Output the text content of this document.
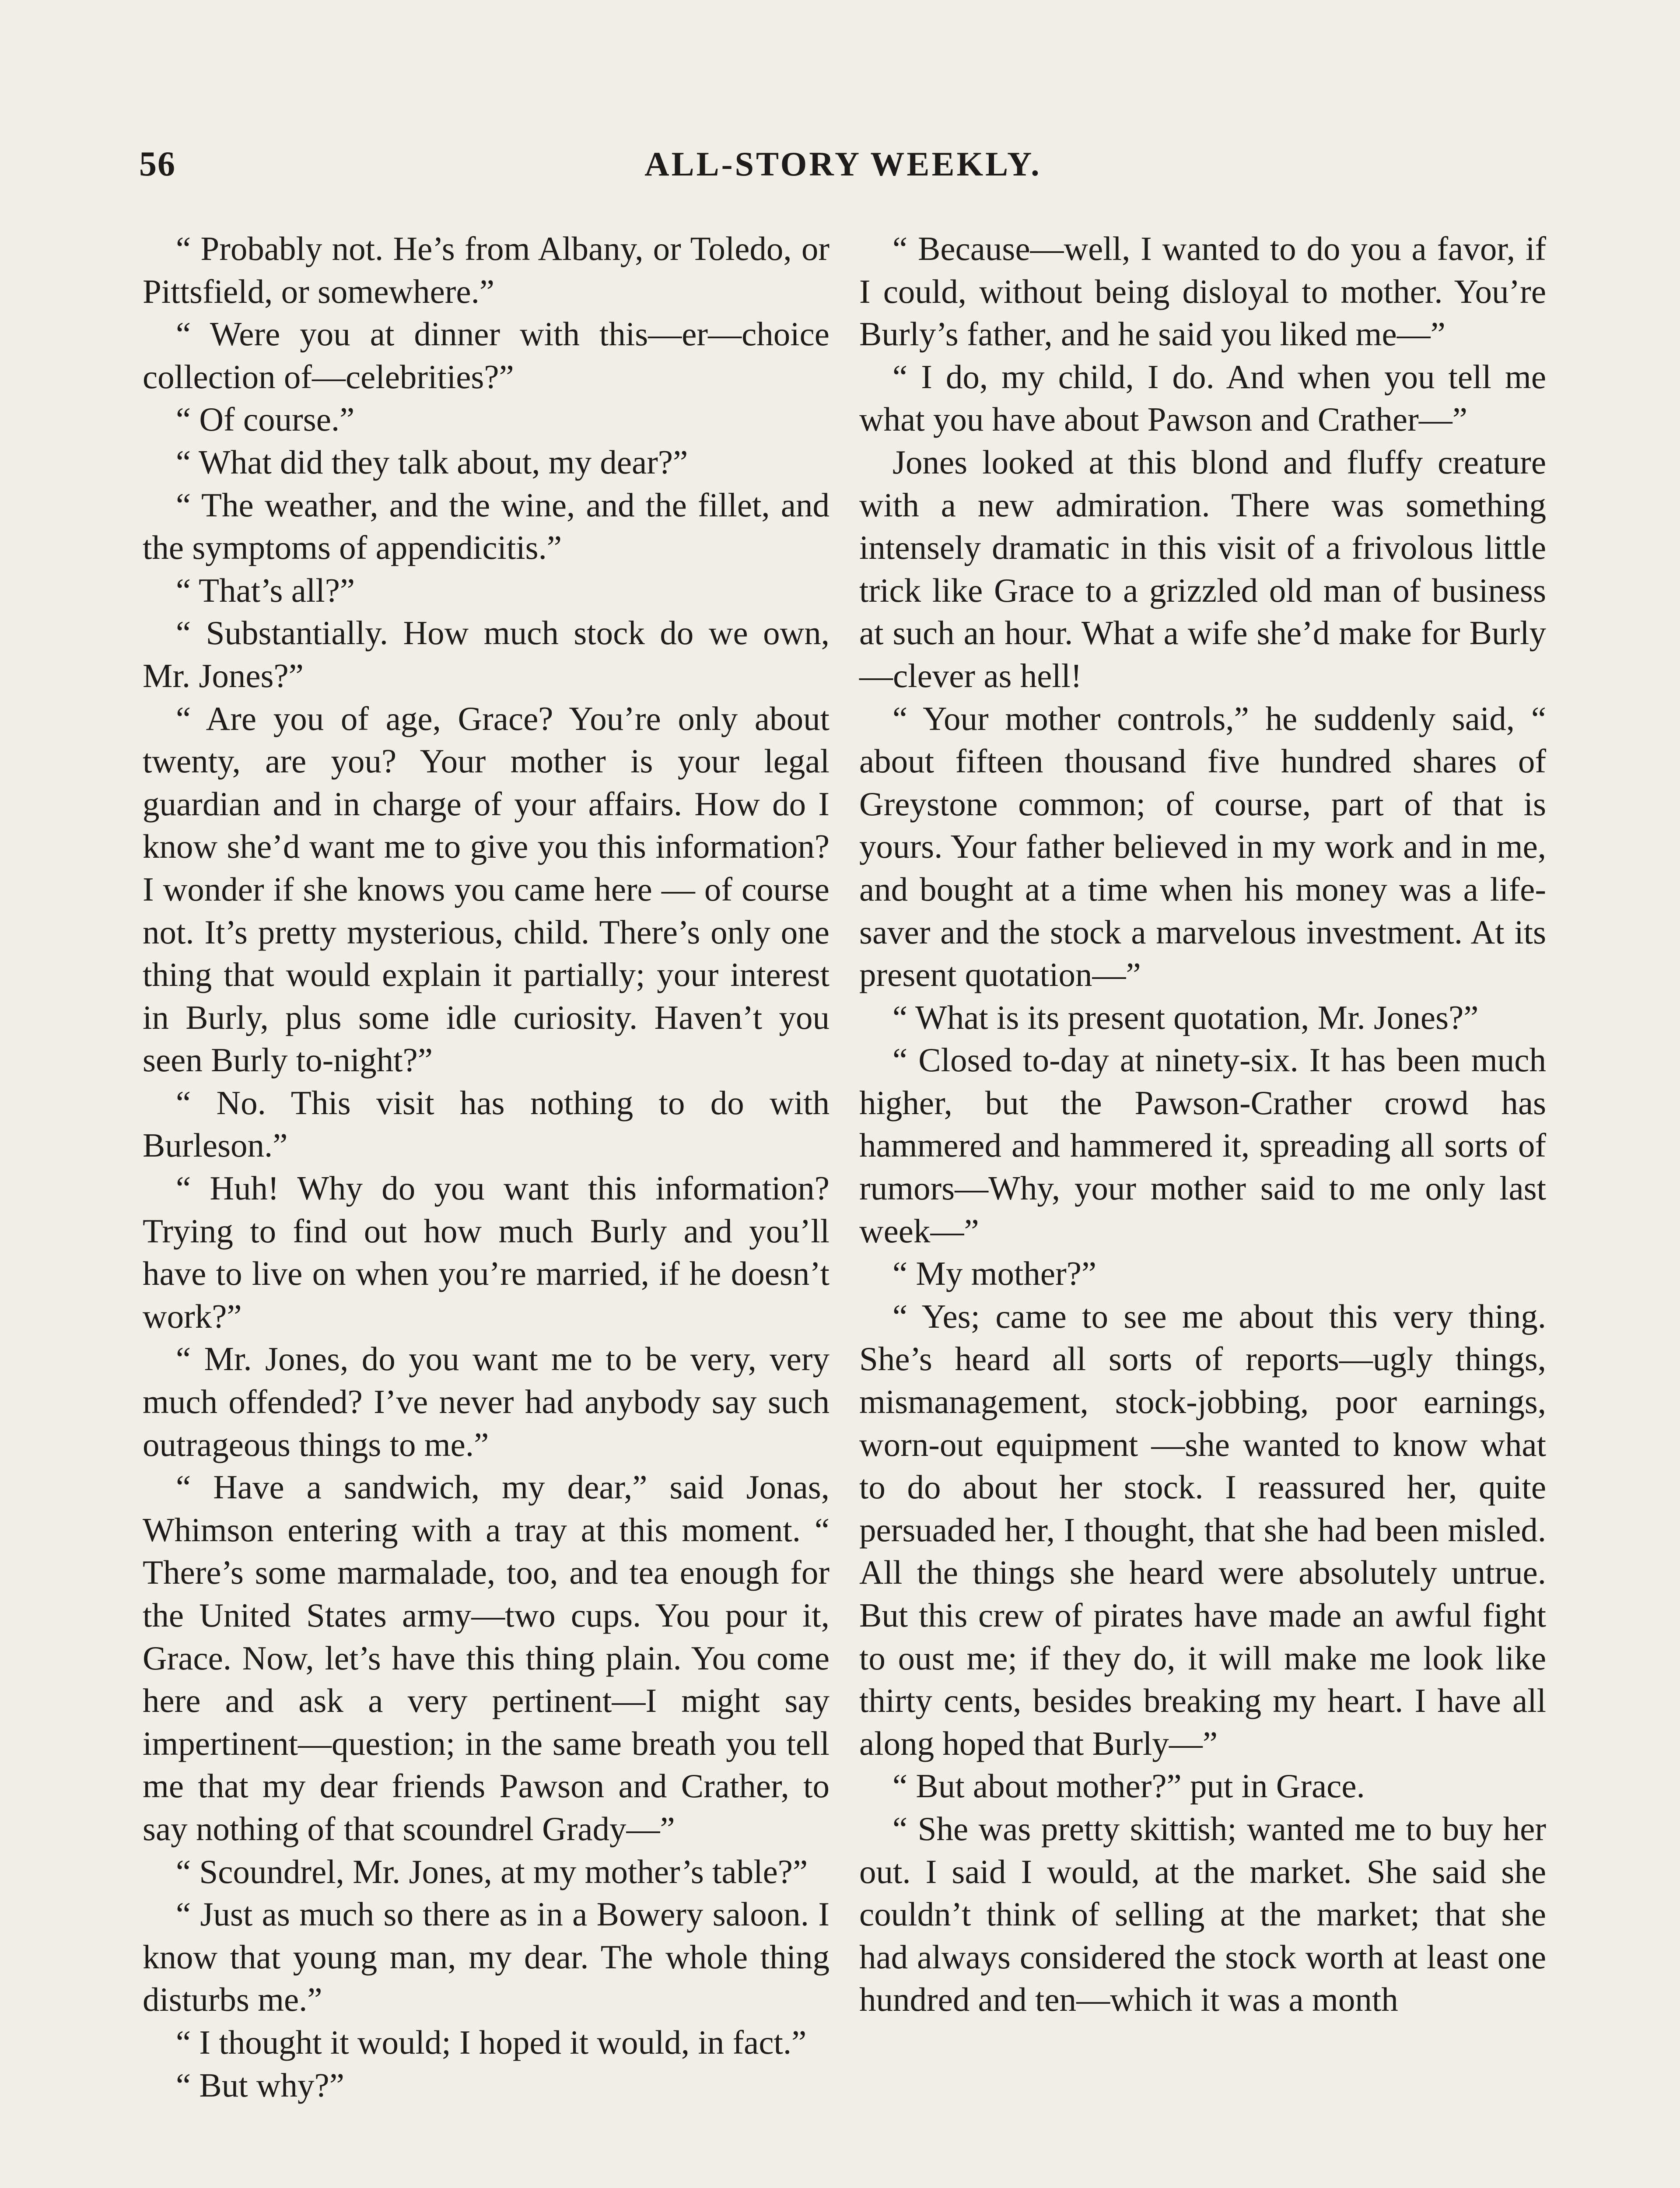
56	ALL-STORY WEEKLY.

“ Probably not. He’s from Albany, or Toledo, or Pittsfield, or somewhere.”

“ Were you at dinner with this—er—choice collection of—celebrities?”

“ Of course.”

“ What did they talk about, my dear?”

“ The weather, and the wine, and the fillet, and the symptoms of appendicitis.”

“ That’s all?”

“ Substantially. How much stock do we own, Mr. Jones?”

“ Are you of age, Grace? You’re only about twenty, are you? Your mother is your legal guardian and in charge of your affairs. How do I know she’d want me to give you this information? I wonder if she knows you came here — of course not. It’s pretty mysterious, child. There’s only one thing that would explain it partially; your interest in Burly, plus some idle curiosity. Haven’t you seen Burly to-night?”

“ No. This visit has nothing to do with Burleson.”

“ Huh! Why do you want this information? Trying to find out how much Burly and you’ll have to live on when you’re married, if he doesn’t work?”

“ Mr. Jones, do you want me to be very, very much offended? I’ve never had anybody say such outrageous things to me.”

“ Have a sandwich, my dear,” said Jonas, Whimson entering with a tray at this moment. “ There’s some marmalade, too, and tea enough for the United States army—two cups. You pour it, Grace. Now, let’s have this thing plain. You come here and ask a very pertinent—I might say impertinent—question; in the same breath you tell me that my dear friends Pawson and Crather, to say nothing of that scoundrel Grady—”

“ Scoundrel, Mr. Jones, at my mother’s table?”

“ Just as much so there as in a Bowery saloon. I know that young man, my dear. The whole thing disturbs me.”

“ I thought it would; I hoped it would, in fact.”

“ But why?”

“ Because—well, I wanted to do you a favor, if I could, without being disloyal to mother. You’re Burly’s father, and he said you liked me—”

“ I do, my child, I do. And when you tell me what you have about Pawson and Crather—”

Jones looked at this blond and fluffy creature with a new admiration. There was something intensely dramatic in this visit of a frivolous little trick like Grace to a grizzled old man of business at such an hour. What a wife she’d make for Burly—clever as hell!

“ Your mother controls,” he suddenly said, “ about fifteen thousand five hundred shares of Greystone common; of course, part of that is yours. Your father believed in my work and in me, and bought at a time when his money was a life-saver and the stock a marvelous investment. At its present quotation—”

“ What is its present quotation, Mr. Jones?”

“ Closed to-day at ninety-six. It has been much higher, but the Pawson-Crather crowd has hammered and hammered it, spreading all sorts of rumors—Why, your mother said to me only last week—”

“ My mother?”

“ Yes; came to see me about this very thing. She’s heard all sorts of reports—ugly things, mismanagement, stock-jobbing, poor earnings, worn-out equipment —she wanted to know what to do about her stock. I reassured her, quite persuaded her, I thought, that she had been misled. All the things she heard were absolutely untrue. But this crew of pirates have made an awful fight to oust me; if they do, it will make me look like thirty cents, besides breaking my heart. I have all along hoped that Burly—”

“ But about mother?” put in Grace.

“ She was pretty skittish; wanted me to buy her out. I said I would, at the market. She said she couldn’t think of selling at the market; that she had always considered the stock worth at least one hundred and ten—which it was a month
